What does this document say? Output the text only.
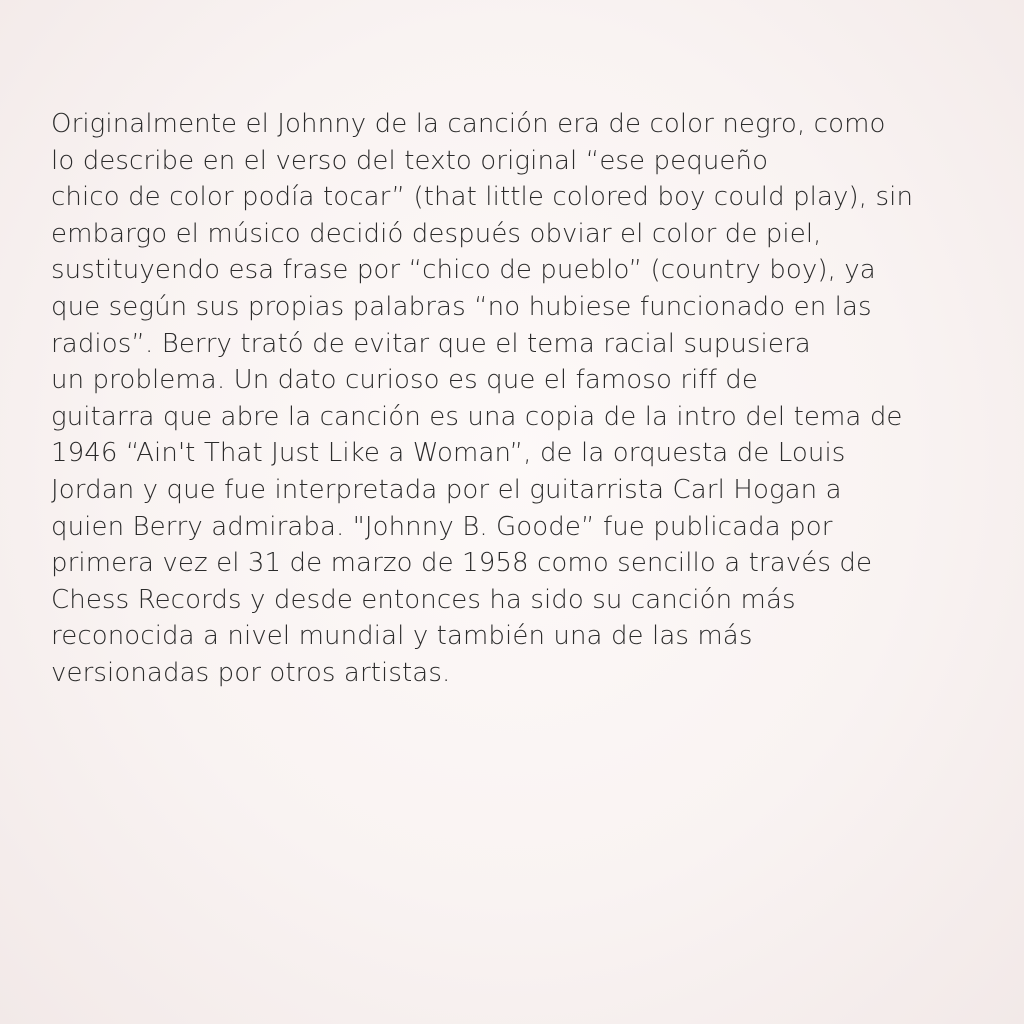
Originalmente el Johnny de la canción era de color negro, como
lo describe en el verso del texto original “ese pequeño
chico de color podía tocar” (that little colored boy could play), sin
embargo el músico decidió después obviar el color de piel,
sustituyendo esa frase por “chico de pueblo” (country boy), ya
que según sus propias palabras “no hubiese funcionado en las
radios”. Berry trató de evitar que el tema racial supusiera
un problema. Un dato curioso es que el famoso riff de
guitarra que abre la canción es una copia de la intro del tema de
1946 “Ain't That Just Like a Woman”, de la orquesta de Louis
Jordan y que fue interpretada por el guitarrista Carl Hogan a
quien Berry admiraba. "Johnny B. Goode” fue publicada por
primera vez el 31 de marzo de 1958 como sencillo a través de
Chess Records y desde entonces ha sido su canción más
reconocida a nivel mundial y también una de las más
versionadas por otros artistas.
